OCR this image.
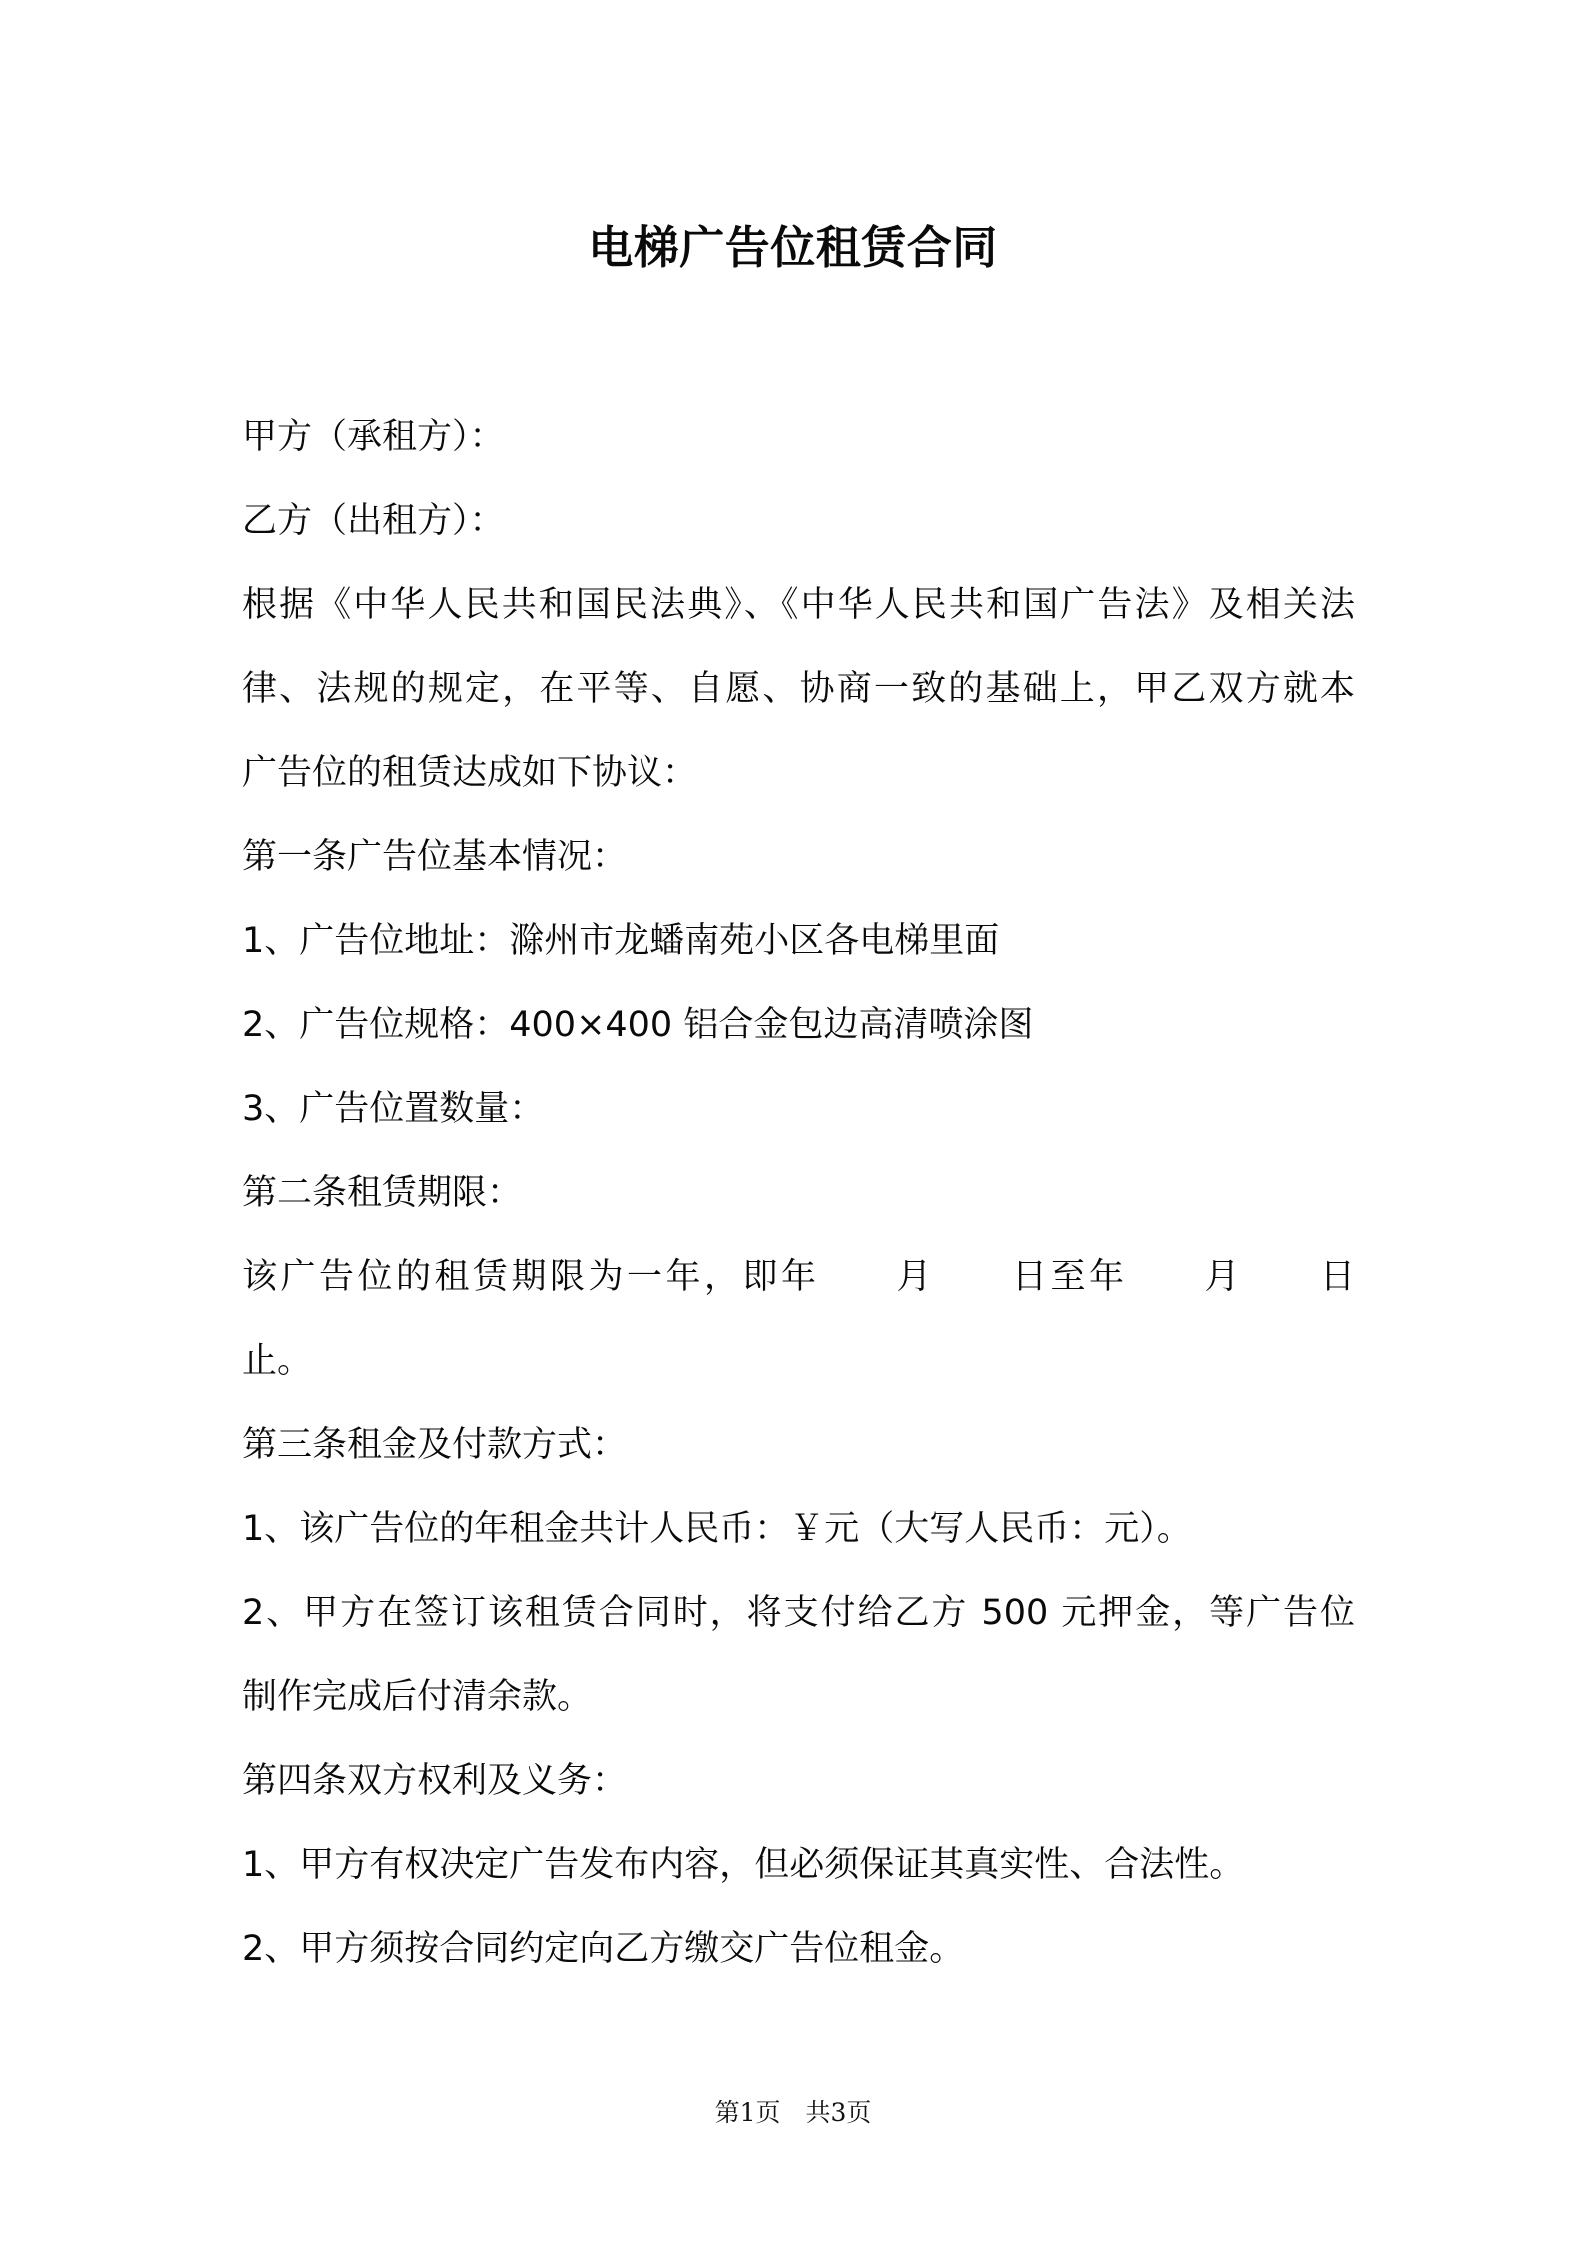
电梯广告位租赁合同
甲方（承租方）：
乙方（出租方）：
根据《中华人民共和国民法典》、《中华人民共和国广告法》及相关法
律、法规的规定，在平等、自愿、协商一致的基础上，甲乙双方就本
广告位的租赁达成如下协议：
第一条广告位基本情况：
1、广告位地址：滁州市龙蟠南苑小区各电梯里面
2、广告位规格：400×400 铝合金包边高清喷涂图
3、广告位置数量：
第二条租赁期限：
该广告位的租赁期限为一年，即年　　月　　日至年　　月　　日
止。
第三条租金及付款方式：
1、该广告位的年租金共计人民币：￥元（大写人民币：元）。
2、甲方在签订该租赁合同时，将支付给乙方 500 元押金，等广告位
制作完成后付清余款。
第四条双方权利及义务：
1、甲方有权决定广告发布内容，但必须保证其真实性、合法性。
2、甲方须按合同约定向乙方缴交广告位租金。
第1页　共3页
